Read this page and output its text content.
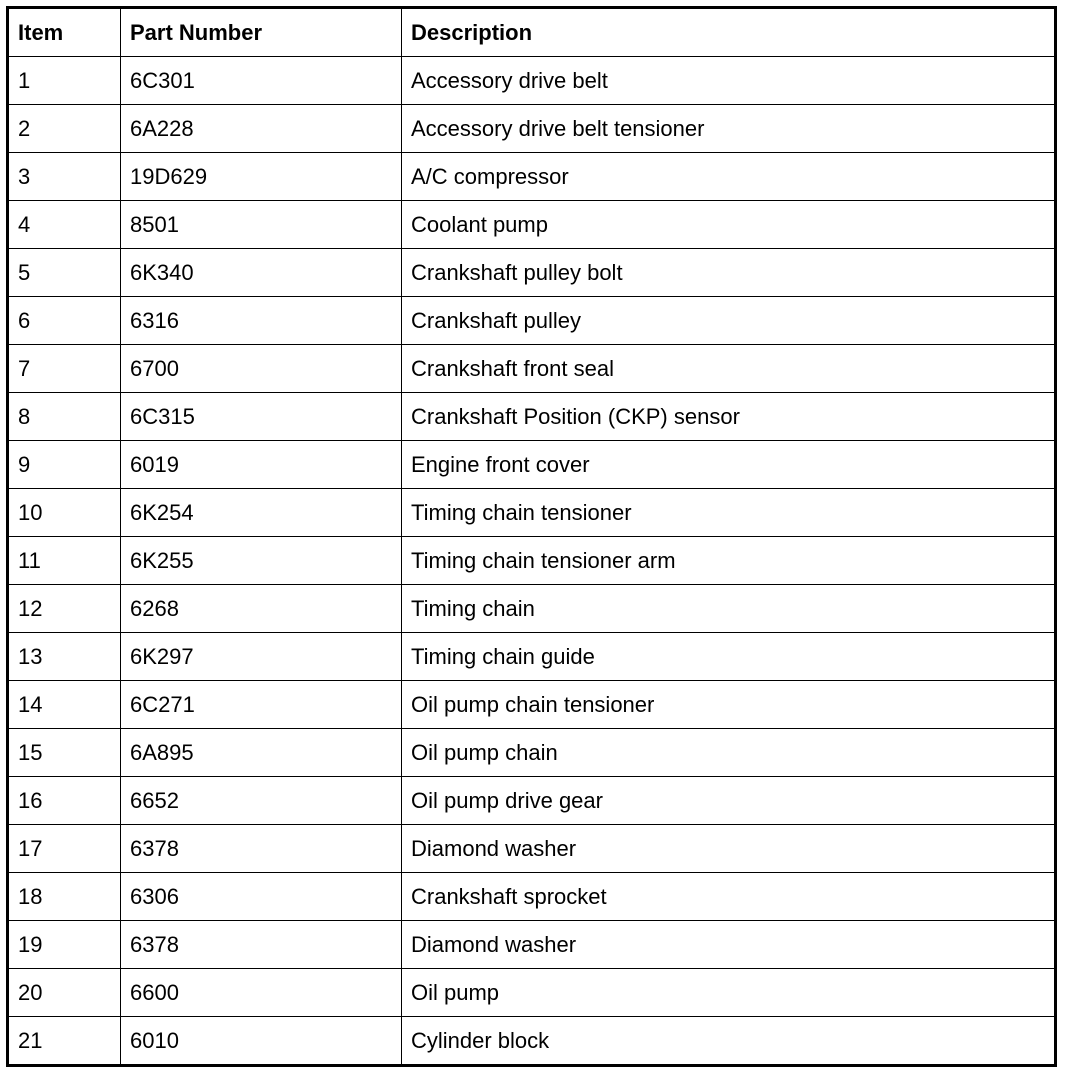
Item	Part Number	Description
1	6C301	Accessory drive belt
2	6A228	Accessory drive belt tensioner
3	19D629	A/C compressor
4	8501	Coolant pump
5	6K340	Crankshaft pulley bolt
6	6316	Crankshaft pulley
7	6700	Crankshaft front seal
8	6C315	Crankshaft Position (CKP) sensor
9	6019	Engine front cover
10	6K254	Timing chain tensioner
11	6K255	Timing chain tensioner arm
12	6268	Timing chain
13	6K297	Timing chain guide
14	6C271	Oil pump chain tensioner
15	6A895	Oil pump chain
16	6652	Oil pump drive gear
17	6378	Diamond washer
18	6306	Crankshaft sprocket
19	6378	Diamond washer
20	6600	Oil pump
21	6010	Cylinder block
